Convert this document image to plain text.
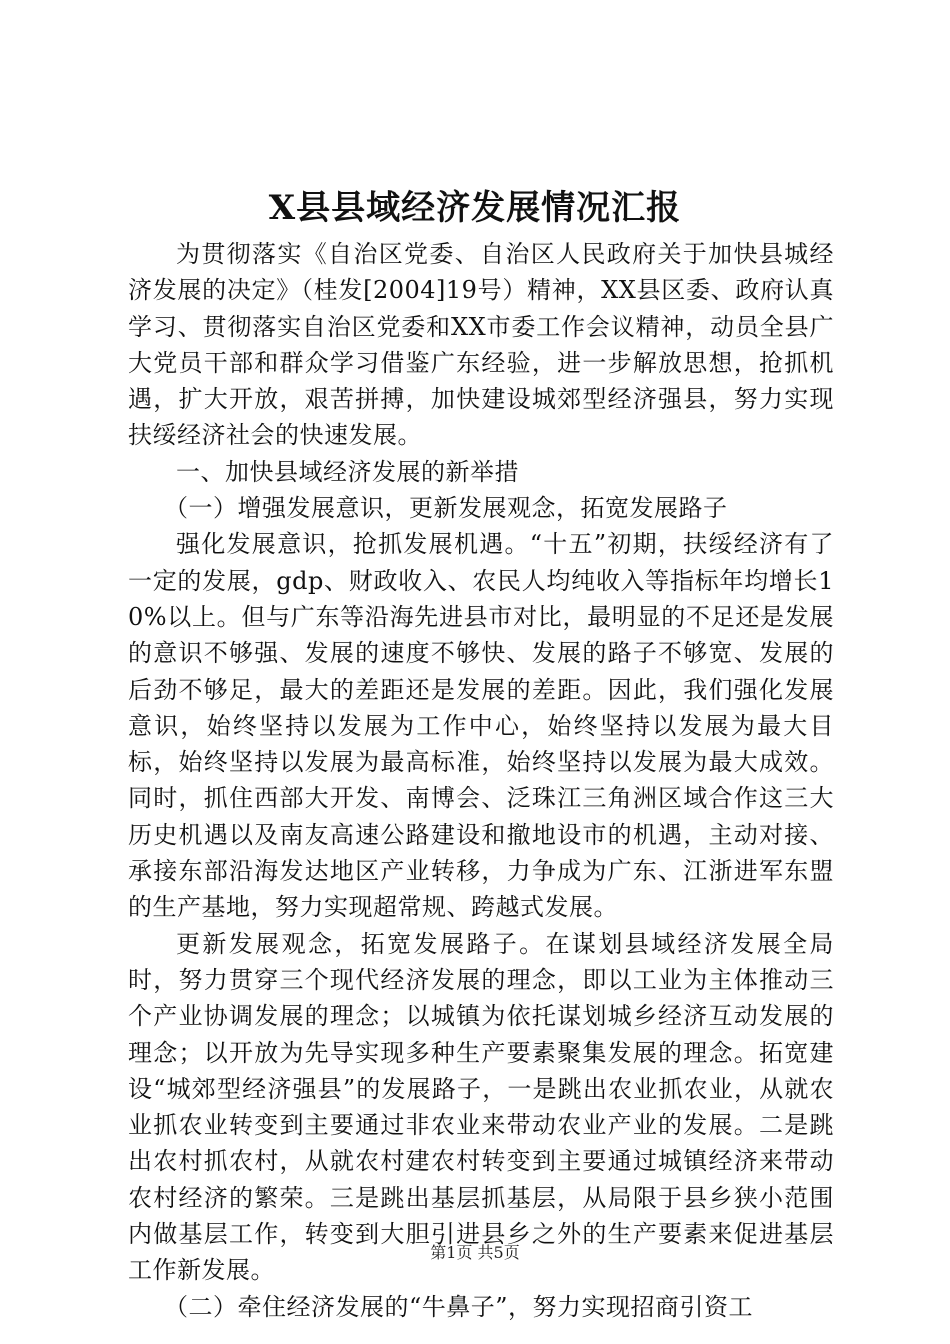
X县县域经济发展情况汇报

为贯彻落实《自治区党委、自治区人民政府关于加快县城经济发展的决定》（桂发[2004]19号）精神，XX县区委、政府认真学习、贯彻落实自治区党委和XX市委工作会议精神，动员全县广大党员干部和群众学习借鉴广东经验，进一步解放思想，抢抓机遇，扩大开放，艰苦拼搏，加快建设城郊型经济强县，努力实现扶绥经济社会的快速发展。

一、加快县域经济发展的新举措

（一）增强发展意识，更新发展观念，拓宽发展路子

强化发展意识，抢抓发展机遇。“十五”初期，扶绥经济有了一定的发展，gdp、财政收入、农民人均纯收入等指标年均增长10%以上。但与广东等沿海先进县市对比，最明显的不足还是发展的意识不够强、发展的速度不够快、发展的路子不够宽、发展的后劲不够足，最大的差距还是发展的差距。因此，我们强化发展意识，始终坚持以发展为工作中心，始终坚持以发展为最大目标，始终坚持以发展为最高标准，始终坚持以发展为最大成效。同时，抓住西部大开发、南博会、泛珠江三角洲区域合作这三大历史机遇以及南友高速公路建设和撤地设市的机遇，主动对接、承接东部沿海发达地区产业转移，力争成为广东、江浙进军东盟的生产基地，努力实现超常规、跨越式发展。

更新发展观念，拓宽发展路子。在谋划县域经济发展全局时，努力贯穿三个现代经济发展的理念，即以工业为主体推动三个产业协调发展的理念；以城镇为依托谋划城乡经济互动发展的理念；以开放为先导实现多种生产要素聚集发展的理念。拓宽建设“城郊型经济强县”的发展路子，一是跳出农业抓农业，从就农业抓农业转变到主要通过非农业来带动农业产业的发展。二是跳出农村抓农村，从就农村建农村转变到主要通过城镇经济来带动农村经济的繁荣。三是跳出基层抓基层，从局限于县乡狭小范围内做基层工作，转变到大胆引进县乡之外的生产要素来促进基层工作新发展。

（二）牵住经济发展的“牛鼻子”，努力实现招商引资工

第1页 共5页
